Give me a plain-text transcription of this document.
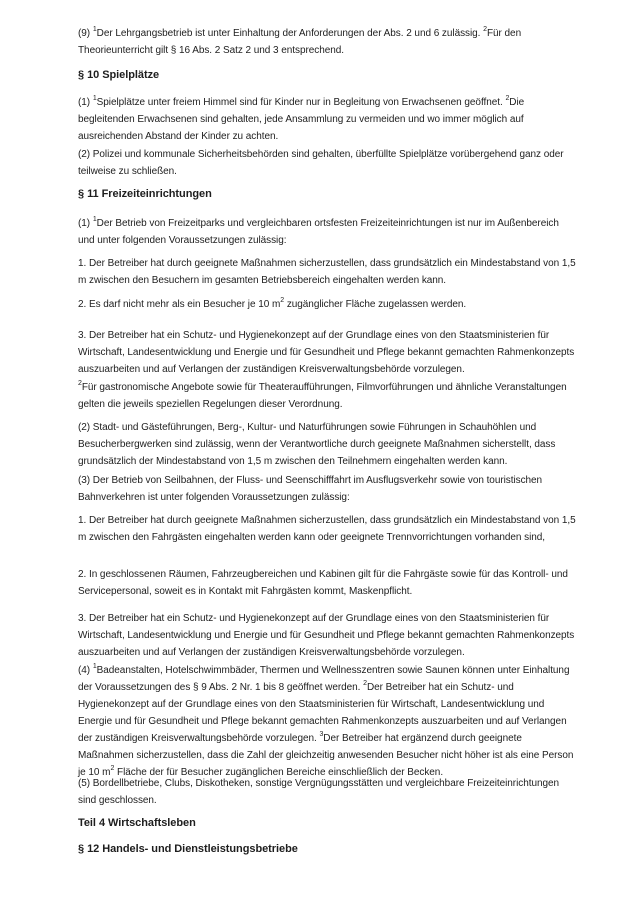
(9) $^1$Der Lehrgangsbetrieb ist unter Einhaltung der Anforderungen der Abs. 2 und 6 zulässig. $^2$Für den Theorieunterricht gilt § 16 Abs. 2 Satz 2 und 3 entsprechend.

§ 10 Spielplätze

(1) $^1$Spielplätze unter freiem Himmel sind für Kinder nur in Begleitung von Erwachsenen geöffnet. $^2$Die begleitenden Erwachsenen sind gehalten, jede Ansammlung zu vermeiden und wo immer möglich auf ausreichenden Abstand der Kinder zu achten.

(2) Polizei und kommunale Sicherheitsbehörden sind gehalten, überfüllte Spielplätze vorübergehend ganz oder teilweise zu schließen.

§ 11 Freizeiteinrichtungen

(1) $^1$Der Betrieb von Freizeitparks und vergleichbaren ortsfesten Freizeiteinrichtungen ist nur im Außenbereich und unter folgenden Voraussetzungen zulässig:

1. Der Betreiber hat durch geeignete Maßnahmen sicherzustellen, dass grundsätzlich ein Mindestabstand von 1,5 m zwischen den Besuchern im gesamten Betriebsbereich eingehalten werden kann.

2. Es darf nicht mehr als ein Besucher je 10 $m^2$ zugänglicher Fläche zugelassen werden.

3. Der Betreiber hat ein Schutz- und Hygienekonzept auf der Grundlage eines von den Staatsministerien für Wirtschaft, Landesentwicklung und Energie und für Gesundheit und Pflege bekannt gemachten Rahmenkonzepts auszuarbeiten und auf Verlangen der zuständigen Kreisverwaltungsbehörde vorzulegen.

$^2$Für gastronomische Angebote sowie für Theateraufführungen, Filmvorführungen und ähnliche Veranstaltungen gelten die jeweils speziellen Regelungen dieser Verordnung.

(2) Stadt- und Gästeführungen, Berg-, Kultur- und Naturführungen sowie Führungen in Schauhöhlen und Besucherbergwerken sind zulässig, wenn der Verantwortliche durch geeignete Maßnahmen sicherstellt, dass grundsätzlich der Mindestabstand von 1,5 m zwischen den Teilnehmern eingehalten werden kann.

(3) Der Betrieb von Seilbahnen, der Fluss- und Seenschifffahrt im Ausflugsverkehr sowie von touristischen Bahnverkehren ist unter folgenden Voraussetzungen zulässig:

1. Der Betreiber hat durch geeignete Maßnahmen sicherzustellen, dass grundsätzlich ein Mindestabstand von 1,5 m zwischen den Fahrgästen eingehalten werden kann oder geeignete Trennvorrichtungen vorhanden sind,

2. In geschlossenen Räumen, Fahrzeugbereichen und Kabinen gilt für die Fahrgäste sowie für das Kontroll- und Servicepersonal, soweit es in Kontakt mit Fahrgästen kommt, Maskenpflicht.

3. Der Betreiber hat ein Schutz- und Hygienekonzept auf der Grundlage eines von den Staatsministerien für Wirtschaft, Landesentwicklung und Energie und für Gesundheit und Pflege bekannt gemachten Rahmenkonzepts auszuarbeiten und auf Verlangen der zuständigen Kreisverwaltungsbehörde vorzulegen.

(4) $^1$Badeanstalten, Hotelschwimmbäder, Thermen und Wellnesszentren sowie Saunen können unter Einhaltung der Voraussetzungen des § 9 Abs. 2 Nr. 1 bis 8 geöffnet werden. $^2$Der Betreiber hat ein Schutz- und Hygienekonzept auf der Grundlage eines von den Staatsministerien für Wirtschaft, Landesentwicklung und Energie und für Gesundheit und Pflege bekannt gemachten Rahmenkonzepts auszuarbeiten und auf Verlangen der zuständigen Kreisverwaltungsbehörde vorzulegen. $^3$Der Betreiber hat ergänzend durch geeignete Maßnahmen sicherzustellen, dass die Zahl der gleichzeitig anwesenden Besucher nicht höher ist als eine Person je 10 $m^2$ Fläche der für Besucher zugänglichen Bereiche einschließlich der Becken.

(5) Bordellbetriebe, Clubs, Diskotheken, sonstige Vergnügungsstätten und vergleichbare Freizeiteinrichtungen sind geschlossen.

Teil 4 Wirtschaftsleben
§ 12 Handels- und Dienstleistungsbetriebe
